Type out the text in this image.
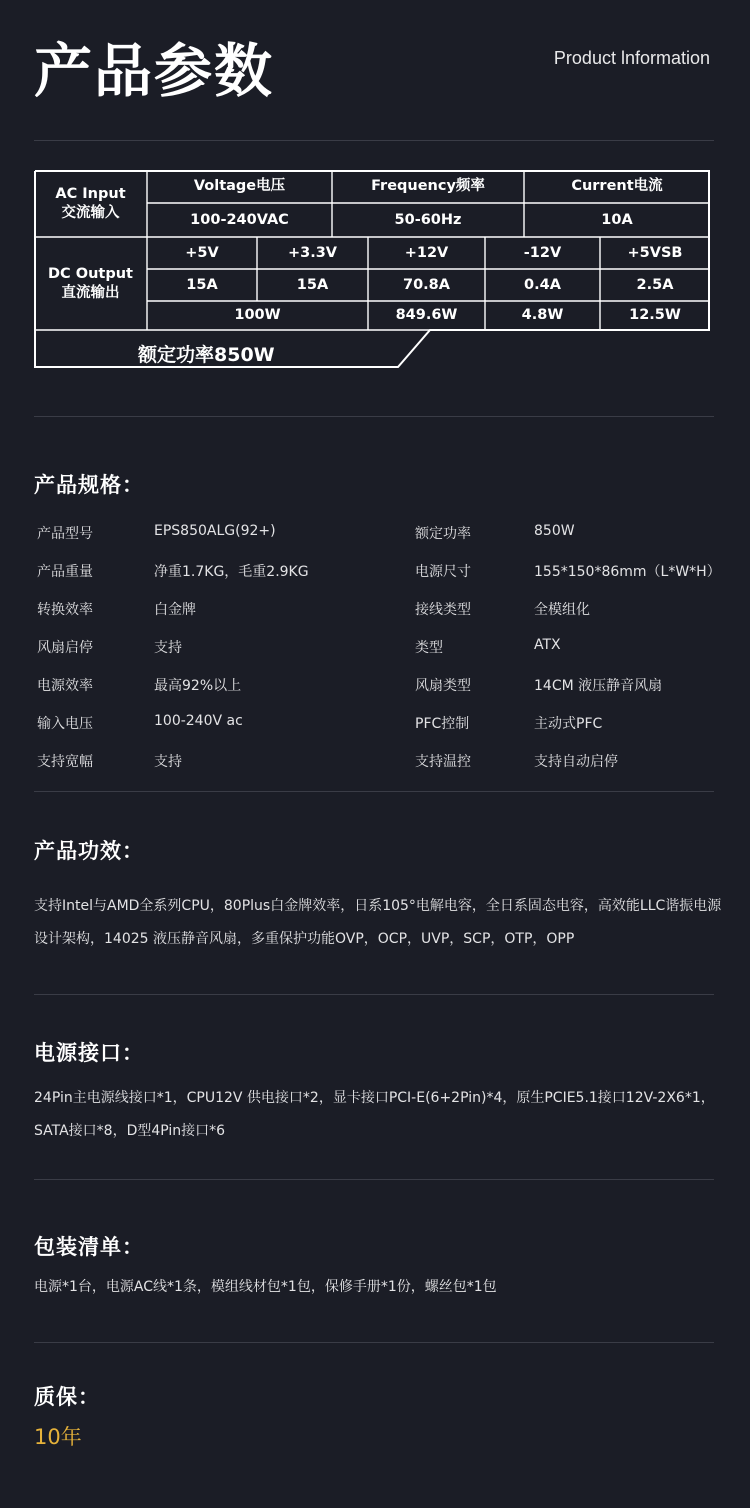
产品参数	Product lnformation
AC Input
交流输入
Voltage电压	Frequency频率	Current电流
100-240VAC	50-60Hz	10A
DC Output
直流输出
+5V	+3.3V	+12V	-12V	+5VSB
15A	15A	70.8A	0.4A	2.5A
100W	849.6W	4.8W	12.5W
额定功率850W
产品规格：
产品型号	EPS850ALG(92+)	额定功率	850W
产品重量	净重1.7KG，毛重2.9KG	电源尺寸	155*150*86mm（L*W*H）
转换效率	白金牌	接线类型	全模组化
风扇启停	支持	类型	ATX
电源效率	最高92%以上	风扇类型	14CM 液压静音风扇
输入电压	100-240V ac	PFC控制	主动式PFC
支持宽幅	支持	支持温控	支持自动启停
产品功效：
支持Intel与AMD全系列CPU，80Plus白金牌效率，日系105°电解电容，全日系固态电容，高效能LLC谐振电源设计架构，14025 液压静音风扇，多重保护功能OVP，OCP，UVP，SCP，OTP，OPP
电源接口：
24Pin主电源线接口*1，CPU12V 供电接口*2，显卡接口PCI-E(6+2Pin)*4，原生PCIE5.1接口12V-2X6*1，SATA接口*8，D型4Pin接口*6
包装清单：
电源*1台，电源AC线*1条，模组线材包*1包，保修手册*1份，螺丝包*1包
质保：
10年
